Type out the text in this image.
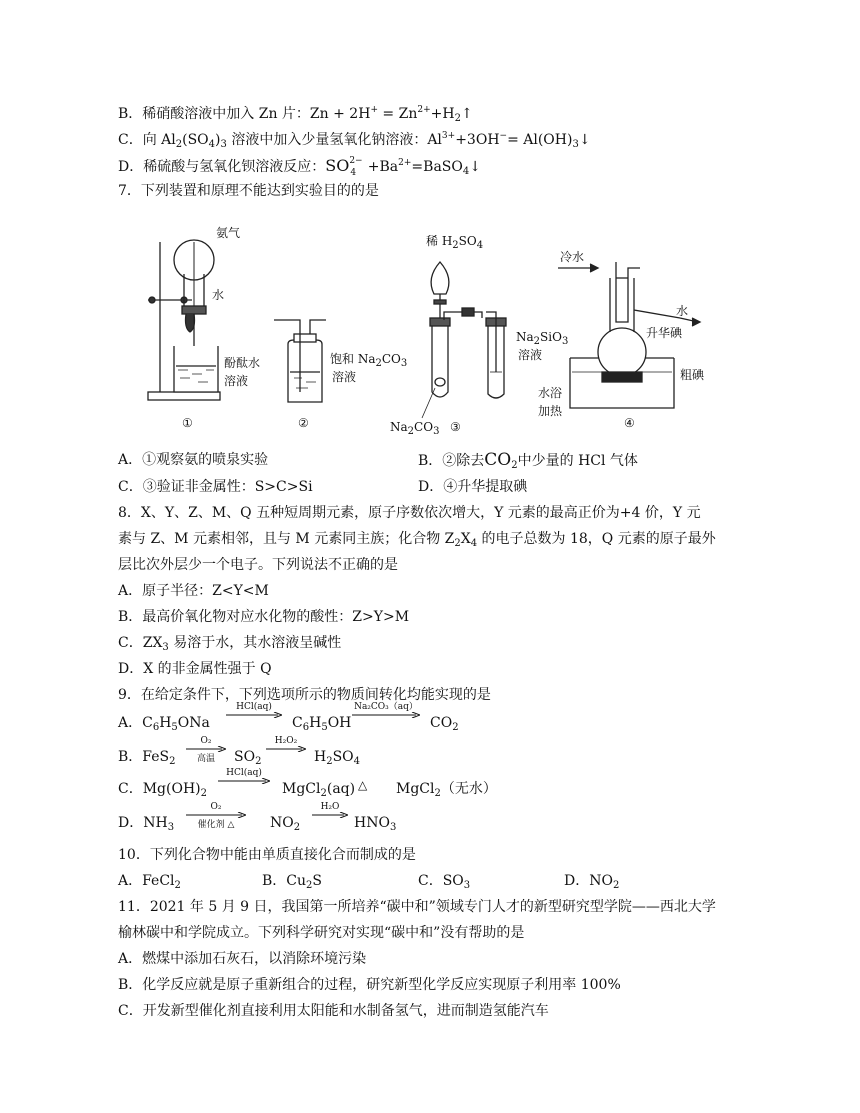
B．稀硝酸溶液中加入 Zn 片：$Zn + 2H^+ = Zn^{2+}+H_2↑$
C．向 $Al_2(SO_4)_3$ 溶液中加入少量氢氧化钠溶液：$Al^{3+}+3OH^-=$ $Al(OH)_3↓$
D．稀硫酸与氢氧化钡溶液反应：SO 2−
$4 +Ba^{2+}=BaSO_4↓$
7．下列装置和原理不能达到实验目的的是
氨气
水
酚酞水
溶液
饱和 $Na_2CO_3$
溶液
稀 $H_2SO_4$
$Na_2SiO_3$
溶液
$Na_2CO_3$
冷水
水
升华碘
粗碘
水浴
加热
①	②	③	④
A．①观察氨的喷泉实验	B．②除去$CO_2$中少量的 HCl 气体
C．③验证非金属性：S>C>Si	D．④升华提取碘
8．X、Y、Z、M、Q 五种短周期元素，原子序数依次增大，Y 元素的最高正价为+4 价，Y 元
素与 Z、M 元素相邻，且与 M 元素同主族；化合物 $Z_2X_4$ 的电子总数为 18，Q 元素的原子最外
层比次外层少一个电子。下列说法不正确的是
A．原子半径：Z<Y<M
B．最高价氧化物对应水化物的酸性：Z>Y>M
C．$ZX_3$ 易溶于水，其水溶液呈碱性
D．X 的非金属性强于 Q
9．在给定条件下，下列选项所示的物质间转化均能实现的是
A．$C_6H_5ONa$
HCl(aq)
$C_6H_5OH$
Na₂CO₃（aq）
$CO_2$
B．FeS$_2$
O₂
高温	$SO_2$
H₂O₂
$H_2SO_4$
C．$Mg(OH)_2$
HCl(aq)
MgCl$_2$(aq) △ MgCl$_2$（无水）
D．$NH_3$
O₂
催化剂 △	$NO_2$
H₂O
$HNO_3$
10．下列化合物中能由单质直接化合而制成的是
A．FeCl$_2$	B．$Cu_2S$	C．$SO_3$	D．$NO_2$
11．2021 年 5 月 9 日，我国第一所培养“碳中和”领域专门人才的新型研究型学院——西北大学
榆林碳中和学院成立。下列科学研究对实现“碳中和”没有帮助的是
A．燃煤中添加石灰石，以消除环境污染
B．化学反应就是原子重新组合的过程，研究新型化学反应实现原子利用率 100%
C．开发新型催化剂直接利用太阳能和水制备氢气，进而制造氢能汽车
